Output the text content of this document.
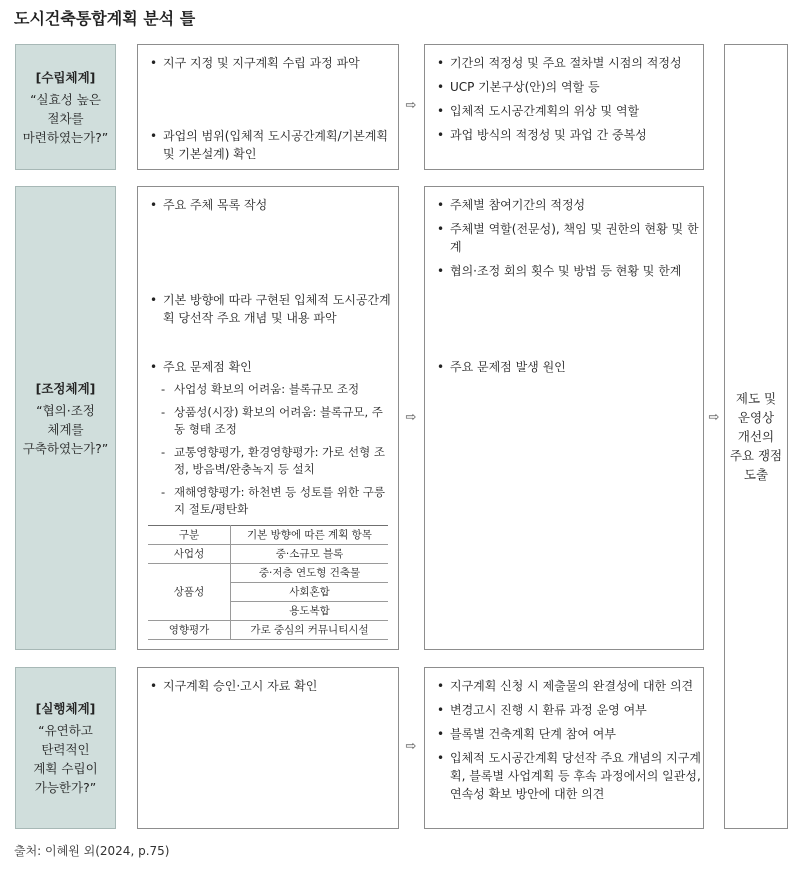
도시건축통합계획 분석 틀
[수립체계]
“실효성 높은
절차를
마련하였는가?”
• 지구 지정 및 지구계획 수립 과정 파악
• 과업의 범위(입체적 도시공간계획/기본계획 및 기본설계) 확인
⇨
• 기간의 적정성 및 주요 절차별 시점의 적정성
• UCP 기본구상(안)의 역할 등
• 입체적 도시공간계획의 위상 및 역할
• 과업 방식의 적정성 및 과업 간 중복성
[조정체계]
“협의·조정
체계를
구축하였는가?”
• 주요 주체 목록 작성
• 기본 방향에 따라 구현된 입체적 도시공간계획 당선작 주요 개념 및 내용 파악
• 주요 문제점 확인
- 사업성 확보의 어려움: 블록규모 조정
- 상품성(시장) 확보의 어려움: 블록규모, 주동 형태 조정
- 교통영향평가, 환경영향평가: 가로 선형 조정, 방음벽/완충녹지 등 설치
- 재해영향평가: 하천변 등 성토를 위한 구릉지 절토/평탄화
구분	기본 방향에 따른 계획 항목
사업성	중·소규모 블록
상품성	중·저층 연도형 건축물
	사회혼합
	용도복합
영향평가	가로 중심의 커뮤니티시설
⇨
• 주체별 참여기간의 적정성
• 주체별 역할(전문성), 책임 및 권한의 현황 및 한계
• 협의·조정 회의 횟수 및 방법 등 현황 및 한계
• 주요 문제점 발생 원인
[실행체계]
“유연하고
탄력적인
계획 수립이
가능한가?”
• 지구계획 승인·고시 자료 확인
⇨
• 지구계획 신청 시 제출물의 완결성에 대한 의견
• 변경고시 진행 시 환류 과정 운영 여부
• 블록별 건축계획 단계 참여 여부
• 입체적 도시공간계획 당선작 주요 개념의 지구계획, 블록별 사업계획 등 후속 과정에서의 일관성, 연속성 확보 방안에 대한 의견
⇨
제도 및
운영상
개선의
주요 쟁점
도출
출처: 이혜원 외(2024, p.75)
